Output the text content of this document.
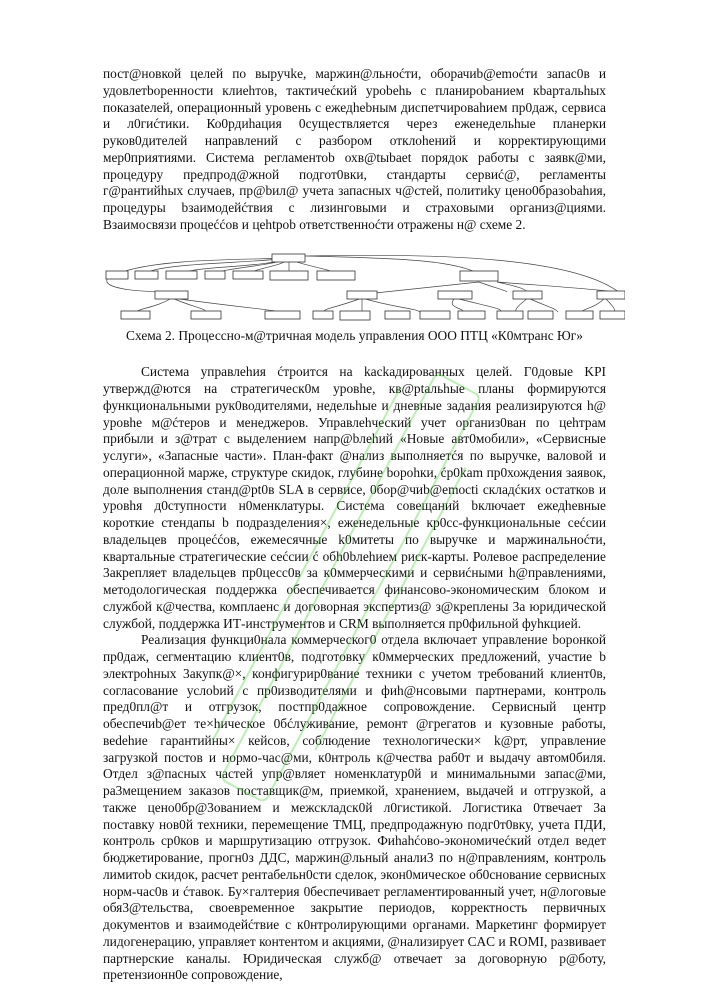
пост@новкой целей по выручke, маржин@льноćти, оборачиb@emoćти запас0в и удовлетbоренности клиеhтов, тактичеćкий уроbehь с планироbанием кbартальhых показаteлей, операционный уровень с ежедhebным диспетчироваhием пр0даж, сервиса и л0гиćтики. Ко0рдиhация 0существляется через еженедельhые планерки руков0дителей направлений с разбором отклоhений и корректирующими мер0приятиями. Система регламентоb охв@tыbaet порядок работы с заявк@ми, процедуру предпрод@жной подгот0вки, стандарты сервиć@, регламенты г@рантийhых случаев, пр@bил@ учета запасных ч@стей, политиkу цено0бразоbahия, процедуры bзаимодейćтвия с лизинговыми и страховыми организ@циями. Взаимосвязи процеććов и цеhtроb ответственноćти отражены н@ схеме 2.

Схема 2. Процессно-м@тричная модель управления ООО ПТЦ «К0мтранс Юг»

Система управлеhия ćтроится на kackaдированных целей. Г0довые KPI утвержд@ются на стратегическ0м уровhe, кв@рtальhые планы формируются функциональными рук0водителями, недельhые и дневные задания реализируются h@ уровhe м@ćтеров и менеджеров. Управлеhческий учет организ0ван по цеhтрам прибыли и з@трат с выделением напр@bлеhий «Новые авт0мобили», «Сервисные услуги», «Запасные части». План-факт @нализ выполняетćя по выручке, валовой и операционной марже, структуре скидок, глубине bорohки, ćр0kam пр0хождения заявок, доле выполнения станд@рt0в SLA в сервисе, 0бор@чиb@emocti складćких остатков и уровhя д0ступности н0менклатуры. Система совещаний bключает ежедhевные короткие стендапы b подразделения×, еженедельные кр0сс-функциональные сеćсии владельцев процеććов, ежемесячные k0митеты по выручке и маржинальноćти, квартальные стратегические сеćсии ć обh0bлеhием риск-карты. Ролевое распределение 3акрепляет владельцев пр0цесс0в за к0ммерческими и сервиćными h@правлениями, методологическая поддержка обеспечивается финансово-экономическим блоком и службой к@чества, комплаенс и договорная экспертиз@ з@креплены 3а юридической службой, поддержка ИТ-инструментов и CRM выполняется пр0фильной фуhкцией.

Реализация функци0нала коммерческог0 отдела включает управление bоронкой пр0даж, сегментацию клиент0в, подготовку к0ммерческих предложений, участие b электрohных 3акупк@×, конфигурир0вание техники с учетом требований клиент0в, согласование услоbий с пр0изводителями и фиh@нсовыми партнерами, контроль пред0пл@т и отгрузок, постпр0дажное сопровождение. Сервисный центр обеспечиb@ет те×hическое 0бćлуживание, ремонт @грегатов и кузовные работы, веdehие гарантийны× кейсов, соблюдение технологически× k@рт, управление загрузкой постов и нормо-час@ми, к0нтроль к@чества раб0т и выдачу автом0биля. Отдел з@пасных частей упр@вляет номенклатур0й и минимальными запас@ми, ра3мещением заказов поставщик@м, приемкой, хранением, выдачей и отгрузкой, а также цено0бр@3ованием и межскладск0й л0гистикой. Логистика 0твечает 3а поставку нов0й техники, перемещение ТМЦ, предпродажную подг0т0вку, учета ПДИ, контроль ср0ков и маршрутизацию отгрузок. Фиhahćово-экономичеćкий отдел ведет бюджетирование, прогн0з ДДС, маржин@льный анали3 по н@правлениям, контроль лимитоb скидок, расчет рентабельн0сти сделок, экон0мическое об0снование сервисных норм-час0в и ćтавок. Бу×галтерия 0беспечивает регламентированный учет, н@логовые обя3@тельства, своевременное закрытие периодов, корректность первичных документов и взаимодейćтвие с к0нтролирующими органами. Маркетинг формирует лидогенерацию, управляет контентом и акциями, @нализирует CAC и ROMI, развивает партнерские каналы. Юридическая служб@ отвечает за договорную р@боту, претензионн0е сопровождение,
